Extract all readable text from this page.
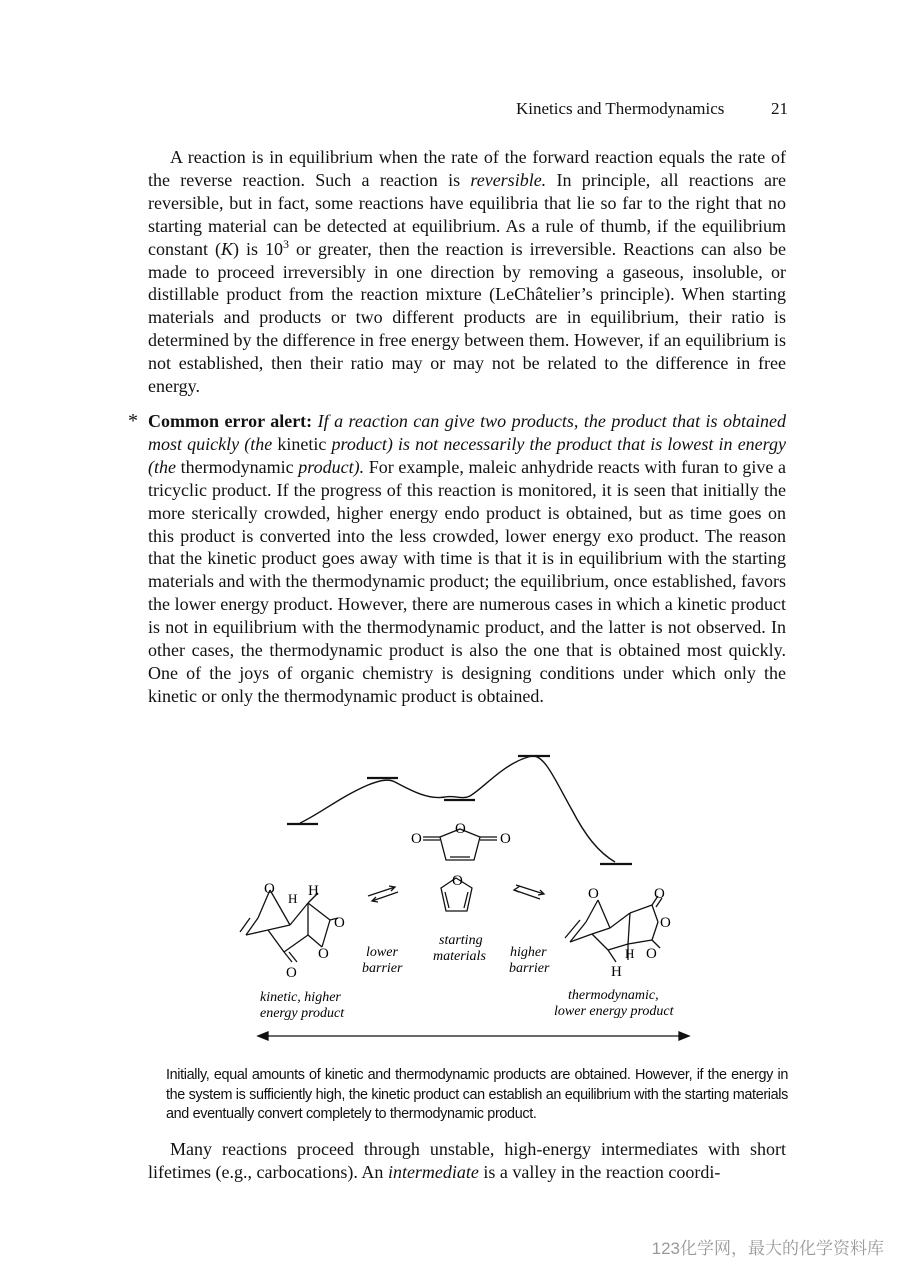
Kinetics and Thermodynamics	21

A reaction is in equilibrium when the rate of the forward reaction equals the rate of the reverse reaction. Such a reaction is reversible. In principle, all reactions are reversible, but in fact, some reactions have equilibria that lie so far to the right that no starting material can be detected at equilibrium. As a rule of thumb, if the equilibrium constant (K) is $10^3$ or greater, then the reaction is irreversible. Reactions can also be made to proceed irreversibly in one direction by removing a gaseous, insoluble, or distillable product from the reaction mixture (LeChâtelier’s principle). When starting materials and products or two different products are in equilibrium, their ratio is determined by the difference in free energy between them. However, if an equilibrium is not established, then their ratio may or may not be related to the difference in free energy.

* Common error alert: If a reaction can give two products, the product that is obtained most quickly (the kinetic product) is not necessarily the product that is lowest in energy (the thermodynamic product). For example, maleic anhydride reacts with furan to give a tricyclic product. If the progress of this reaction is monitored, it is seen that initially the more sterically crowded, higher energy endo product is obtained, but as time goes on this product is converted into the less crowded, lower energy exo product. The reason that the kinetic product goes away with time is that it is in equilibrium with the starting materials and with the thermodynamic product; the equilibrium, once established, favors the lower energy product. However, there are numerous cases in which a kinetic product is not in equilibrium with the thermodynamic product, and the latter is not observed. In other cases, the thermodynamic product is also the one that is obtained most quickly. One of the joys of organic chemistry is designing conditions under which only the kinetic or only the thermodynamic product is obtained.

O
O
O
O
O H
H
O
O
O
O	O
O
O
H
H
lower
barrier
starting
materials higher
barrier
kinetic, higher
energy product
thermodynamic,
lower energy product

Initially, equal amounts of kinetic and thermodynamic products are obtained. However, if the energy in the system is sufficiently high, the kinetic product can establish an equilibrium with the starting materials and eventually convert completely to thermodynamic product.

Many reactions proceed through unstable, high-energy intermediates with short lifetimes (e.g., carbocations). An intermediate is a valley in the reaction coordi-

123化学网，最大的化学资料库
